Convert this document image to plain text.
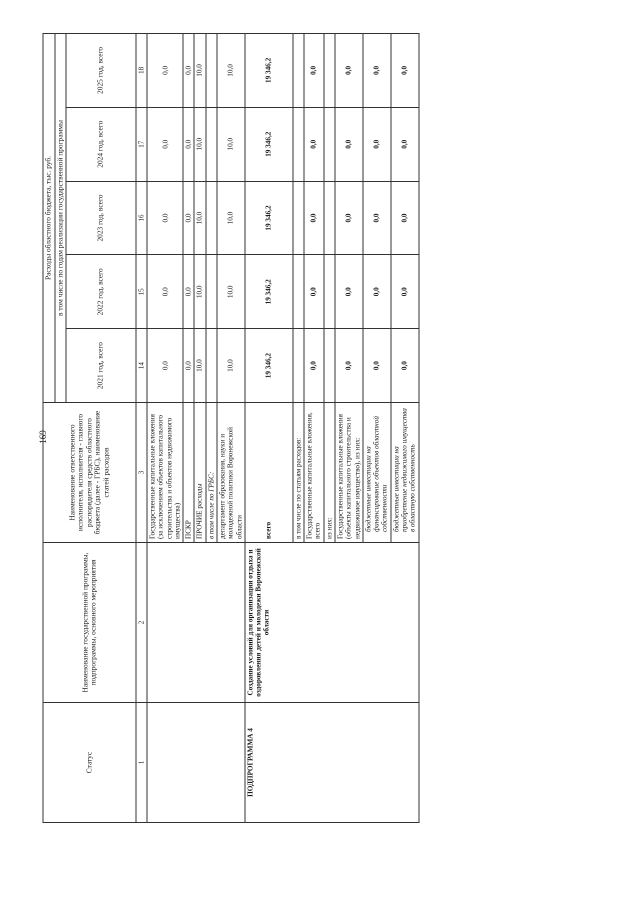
169
Статус	Наименование государственной программы, подпрограммы, основного мероприятия	Наименование ответственного исполнителя, исполнителя - главного распорядителя средств областного бюджета (далее - ГРБС), наименование статей расходов	Расходы областного бюджета, тыс. руб.				
			в том числе по годам реализации государственной программы				
			2021 год, всего	2022 год, всего	2023 год, всего	2024 год, всего	2025 год, всего
1	2	3	14	15	16	17	18
		Государственные капитальные вложения (за исключением объектов капитального строительства и объектов недвижимого имущества)	0,0	0,0	0,0	0,0	0,0
		ПСКР	0,0	0,0	0,0	0,0	0,0
		ПРОЧИЕ расходы	10,0	10,0	10,0	10,0	10,0
		в том числе по ГРБС:					
		департамент образования, науки и молодежной политики Воронежской области	10,0	10,0	10,0	10,0	10,0
ПОДПРОГРАММА 4	Создание условий для организации отдыха и оздоровления детей и молодежи Воронежской области	всего	19 346,2	19 346,2	19 346,2	19 346,2	19 346,2
		в том числе по статьям расходов:					
		Государственные капитальные вложения, всего	0,0	0,0	0,0	0,0	0,0
		из них:					
		Государственные капитальные вложения (объекты капитального строительства и недвижимое имущество), из них:	0,0	0,0	0,0	0,0	0,0
		бюджетные инвестиции на финансирование объектов областной собственности	0,0	0,0	0,0	0,0	0,0
		бюджетные инвестиции на приобретение недвижимого имущества в областную собственность	0,0	0,0	0,0	0,0	0,0
